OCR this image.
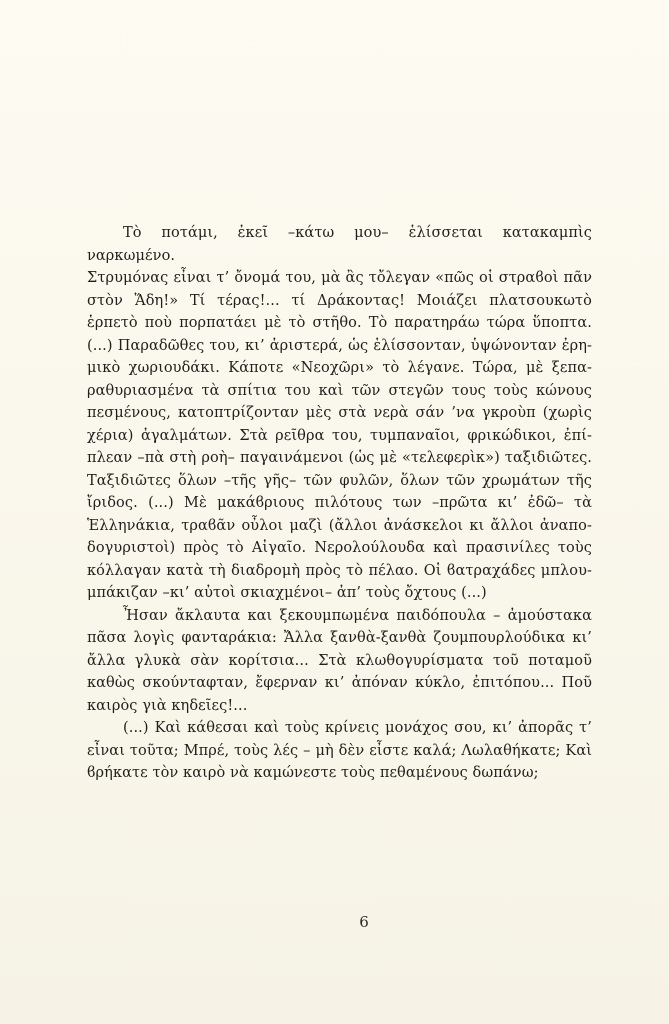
Τὸ ποτάμι, ἐκεῖ –κάτω μου– ἑλίσσεται κατακαμπὶς ναρκωμένο.
Στρυμόνας εἶναι τ’ ὄνομά του, μὰ ἂς τὄλεγαν «πῶς οἱ στραϐοὶ πᾶν
στὸν Ἅδη!» Τί τέρας!... τί Δράκοντας! Μοιάζει πλατσουκωτὸ
ἑρπετὸ ποὺ πορπατάει μὲ τὸ στῆθο. Τὸ παρατηράω τώρα ὕποπτα.
(...) Παραδῶθες του, κι’ ἀριστερά, ὡς ἑλίσσονταν, ὑψώνονταν ἐρη-
μικὸ χωριουδάκι. Κάποτε «Νεοχῶρι» τὸ λέγανε. Τώρα, μὲ ξεπα-
ραθυριασμένα τὰ σπίτια του καὶ τῶν στεγῶν τους τοὺς κώνους
πεσμένους, κατοπτρίζονταν μὲς στὰ νερὰ σάν ’να γκροὺπ (χωρὶς
χέρια) ἀγαλμάτων. Στὰ ρεῖθρα του, τυμπαναῖοι, φρικώδικοι, ἐπί-
πλεαν –πὰ στὴ ροὴ– παγαινάμενοι (ὡς μὲ «τελεφερὶκ») ταξιδιῶτες.
Ταξιδιῶτες ὅλων –τῆς γῆς– τῶν φυλῶν, ὅλων τῶν χρωμάτων τῆς
ἴριδος. (...) Μὲ μακάϐριους πιλότους των –πρῶτα κι’ ἐδῶ– τὰ
Ἑλληνάκια, τραϐᾶν οὖλοι μαζὶ (ἄλλοι ἀνάσκελοι κι ἄλλοι ἀναπο-
δογυριστοὶ) πρὸς τὸ Αἰγαῖο. Νερολούλουδα καὶ πρασινίλες τοὺς
κόλλαγαν κατὰ τὴ διαδρομὴ πρὸς τὸ πέλαο. Οἱ ϐατραχάδες μπλου-
μπάκιζαν –κι’ αὐτοὶ σκιαχμένοι– ἀπ’ τοὺς ὄχτους (...)
Ἦσαν ἄκλαυτα και ξεκουμπωμένα παιδόπουλα – ἀμούστακα
πᾶσα λογὶς φανταράκια: Ἄλλα ξανθὰ-ξανθὰ ζουμπουρλούδικα κι’
ἄλλα γλυκὰ σὰν κορίτσια... Στὰ κλωθογυρίσματα τοῦ ποταμοῦ
καθὼς σκούνταφταν, ἔφερναν κι’ ἀπόναν κύκλο, ἐπιτόπου... Ποῦ
καιρὸς γιὰ κηδεῖες!...
(...) Καὶ κάθεσαι καὶ τοὺς κρίνεις μονάχος σου, κι’ ἀπορᾶς τ’
εἶναι τοῦτα; Μπρέ, τοὺς λές – μὴ δὲν εἶστε καλά; Λωλαθήκατε; Καὶ
ϐρήκατε τὸν καιρὸ νὰ καμώνεστε τοὺς πεθαμένους δωπάνω;
6
